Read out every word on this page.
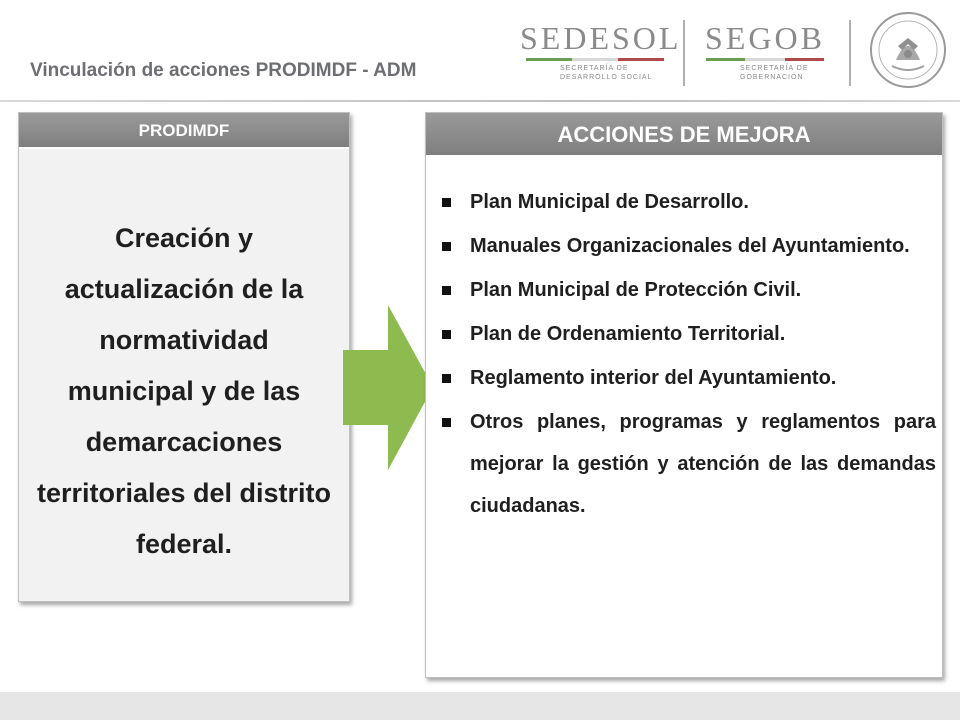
Vinculación de acciones PRODIMDF - ADM
SEDESOL
SECRETARÍA DE
DESARROLLO SOCIAL
SEGOB
SECRETARÍA DE
GOBERNACIÓN
PRODIMDF
Creación y actualización de la normatividad municipal y de las demarcaciones territoriales del distrito federal.
ACCIONES DE MEJORA
Plan Municipal de Desarrollo.
Manuales Organizacionales del Ayuntamiento.
Plan Municipal de Protección Civil.
Plan de Ordenamiento Territorial.
Reglamento interior del Ayuntamiento.
Otros planes, programas y reglamentos para mejorar la gestión y atención de las demandas ciudadanas.
